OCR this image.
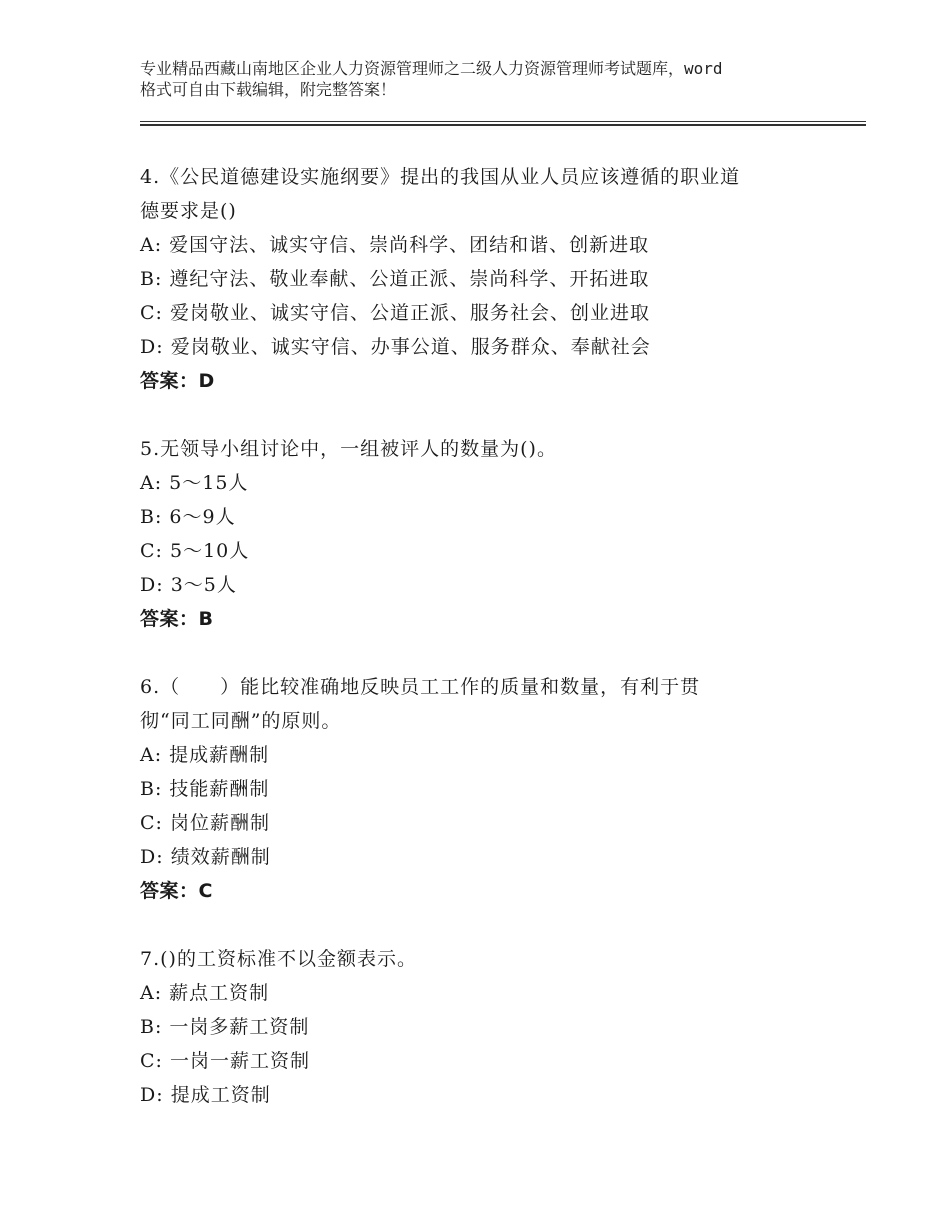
专业精品西藏山南地区企业人力资源管理师之二级人力资源管理师考试题库，word
格式可自由下载编辑，附完整答案！
4.《公民道德建设实施纲要》提出的我国从业人员应该遵循的职业道
德要求是()
A: 爱国守法、诚实守信、崇尚科学、团结和谐、创新进取
B: 遵纪守法、敬业奉献、公道正派、崇尚科学、开拓进取
C: 爱岗敬业、诚实守信、公道正派、服务社会、创业进取
D: 爱岗敬业、诚实守信、办事公道、服务群众、奉献社会
答案：D
5.无领导小组讨论中，一组被评人的数量为()。
A: 5～15人
B: 6～9人
C: 5～10人
D: 3～5人
答案：B
6.（　　）能比较准确地反映员工工作的质量和数量，有利于贯
彻“同工同酬”的原则。
A: 提成薪酬制
B: 技能薪酬制
C: 岗位薪酬制
D: 绩效薪酬制
答案：C
7.()的工资标准不以金额表示。
A: 薪点工资制
B: 一岗多薪工资制
C: 一岗一薪工资制
D: 提成工资制
